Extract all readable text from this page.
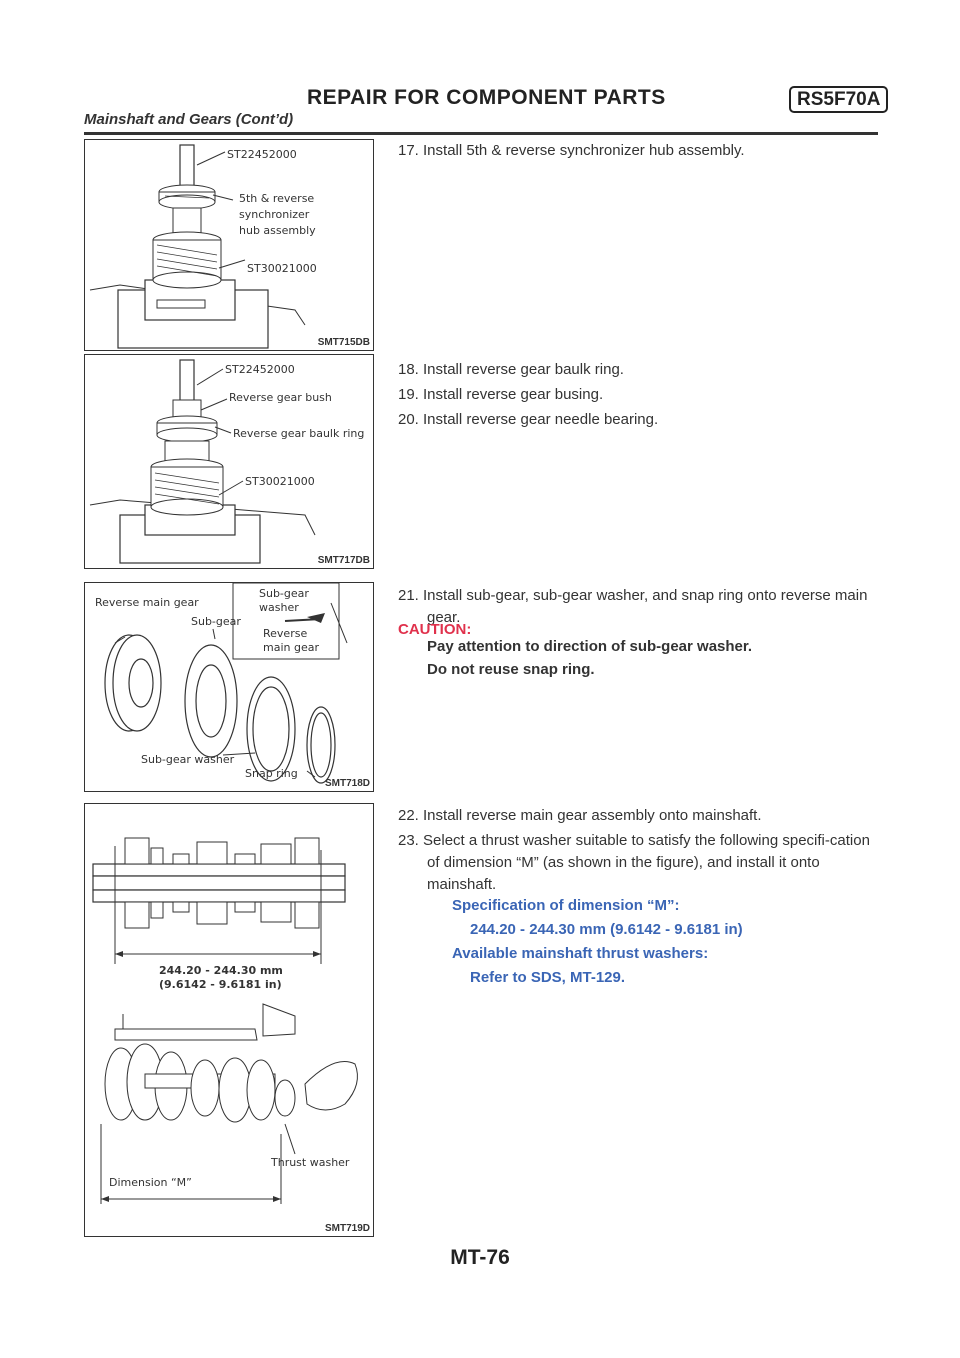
REPAIR FOR COMPONENT PARTS	RS5F70A
Mainshaft and Gears (Cont’d)
ST22452000
5th & reverse
synchronizer
hub assembly
ST30021000
SMT715DB
ST22452000
Reverse gear bush
Reverse gear baulk ring
ST30021000
SMT717DB
Reverse main gear
Sub-gear
Sub-gear
washer
Reverse
main gear
Sub-gear washer
Snap ring
SMT718D
244.20 - 244.30 mm
(9.6142 - 9.6181 in)
Thrust washer
Dimension “M”
SMT719D
17. Install 5th & reverse synchronizer hub assembly.
18. Install reverse gear baulk ring.
19. Install reverse gear busing.
20. Install reverse gear needle bearing.
21. Install sub-gear, sub-gear washer, and snap ring onto reverse main gear.
CAUTION:
Pay attention to direction of sub-gear washer.
Do not reuse snap ring.
22. Install reverse main gear assembly onto mainshaft.
23. Select a thrust washer suitable to satisfy the following specifi-cation of dimension “M” (as shown in the figure), and install it onto mainshaft.
Specification of dimension “M”:
244.20 - 244.30 mm (9.6142 - 9.6181 in)
Available mainshaft thrust washers:
Refer to SDS, MT-129.
MT-76
